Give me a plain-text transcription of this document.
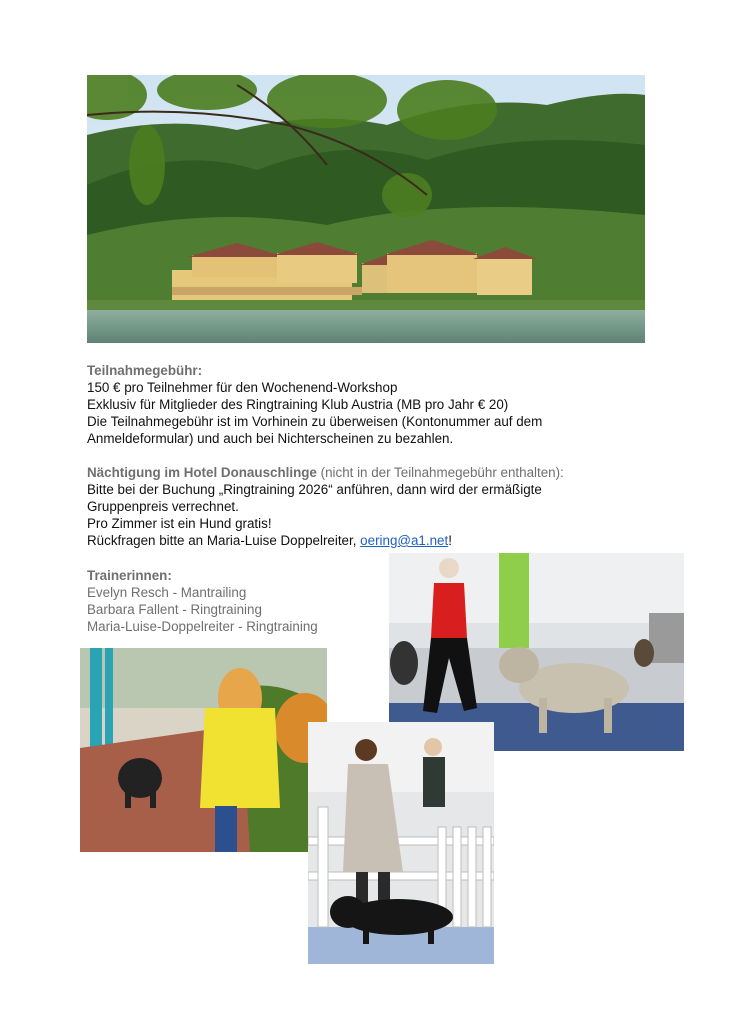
Teilnahmegebühr:

150 € pro Teilnehmer für den Wochenend-Workshop

Exklusiv für Mitglieder des Ringtraining Klub Austria (MB pro Jahr € 20)

Die Teilnahmegebühr ist im Vorhinein zu überweisen (Kontonummer auf dem

Anmeldeformular) und auch bei Nichterscheinen zu bezahlen.

Nächtigung im Hotel Donauschlinge (nicht in der Teilnahmegebühr enthalten):

Bitte bei der Buchung „Ringtraining 2026“ anführen, dann wird der ermäßigte

Gruppenpreis verrechnet.

Pro Zimmer ist ein Hund gratis!

Rückfragen bitte an Maria-Luise Doppelreiter, oering@a1.net!

Trainerinnen:

Evelyn Resch - Mantrailing

Barbara Fallent - Ringtraining

Maria-Luise-Doppelreiter - Ringtraining
